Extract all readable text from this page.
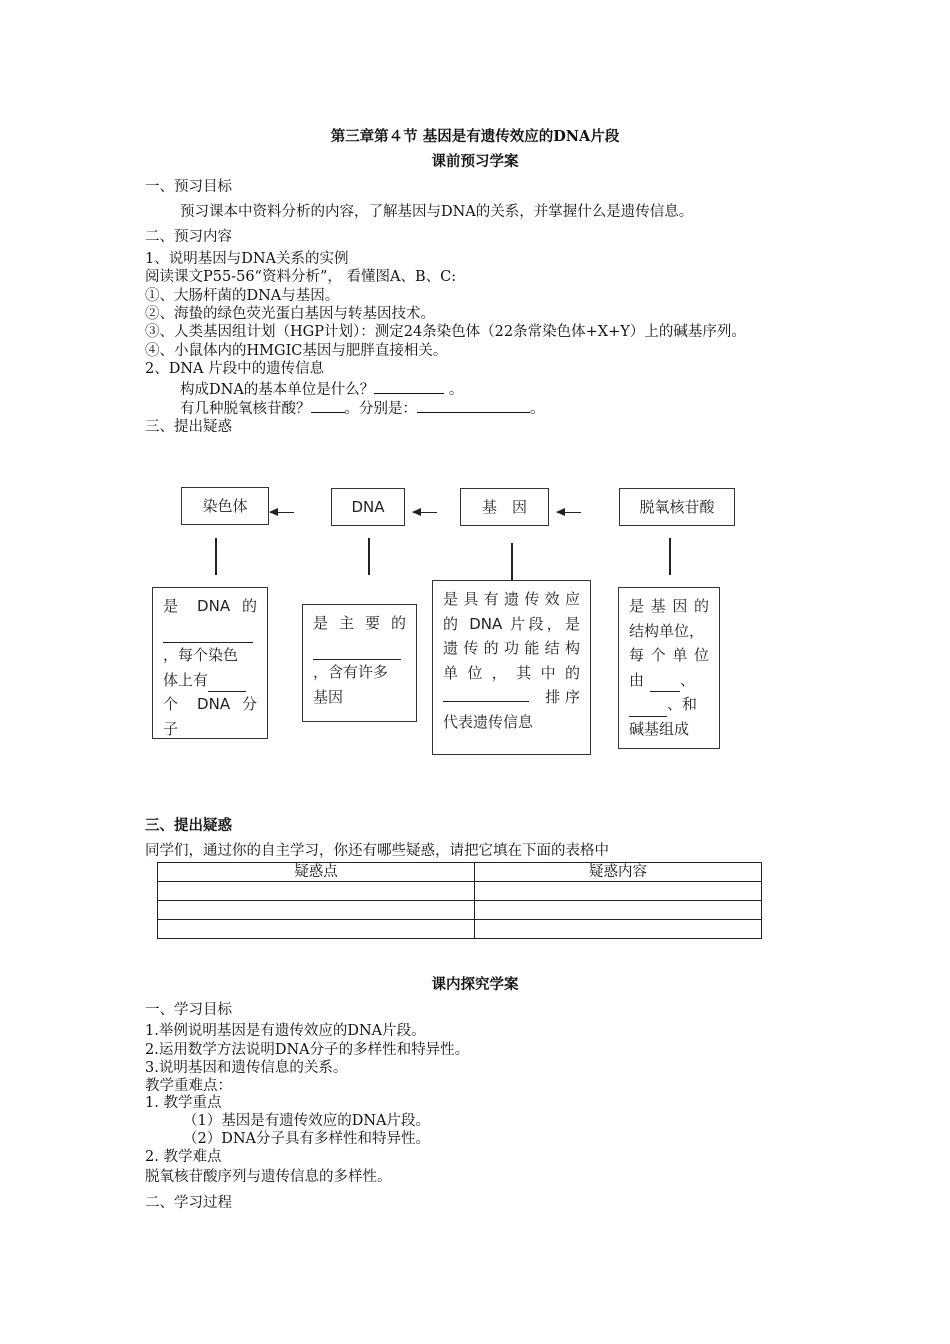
第三章第４节 基因是有遗传效应的DNA片段
课前预习学案
一、预习目标
预习课本中资料分析的内容，了解基因与DNA的关系，并掌握什么是遗传信息。
二、预习内容
1、说明基因与DNA关系的实例
阅读课文P55-56“资料分析”， 看懂图A、B、C:
①、大肠杆菌的DNA与基因。
②、海蛰的绿色荧光蛋白基因与转基因技术。
③、人类基因组计划（HGP计划）：测定24条染色体（22条常染色体+X+Y）上的碱基序列。
④、小鼠体内的HMGIC基因与肥胖直接相关。
2、DNA 片段中的遗传信息
构成DNA的基本单位是什么？	。
有几种脱氧核苷酸？ 。分别是：	。
三、提出疑惑
染色体	DNA	基　因	脱氧核苷酸
是 DNA 的
，每个染色
体上有
个 DNA 分
子
是 主 要 的
，含有许多
基因
是具有遗传效应
的 DNA 片段，是
遗传的功能结构
单 位 ， 其 中 的
排 序
代表遗传信息
是基因的
结构单位，
每个单位
由 、
、和
碱基组成
三、提出疑惑
同学们，通过你的自主学习，你还有哪些疑惑，请把它填在下面的表格中
疑惑点	疑惑内容

课内探究学案
一、学习目标
1.举例说明基因是有遗传效应的DNA片段。
2.运用数学方法说明DNA分子的多样性和特异性。
3.说明基因和遗传信息的关系。
教学重难点：
1. 教学重点
（1）基因是有遗传效应的DNA片段。
（2）DNA分子具有多样性和特异性。
2. 教学难点
脱氧核苷酸序列与遗传信息的多样性。
二、学习过程
